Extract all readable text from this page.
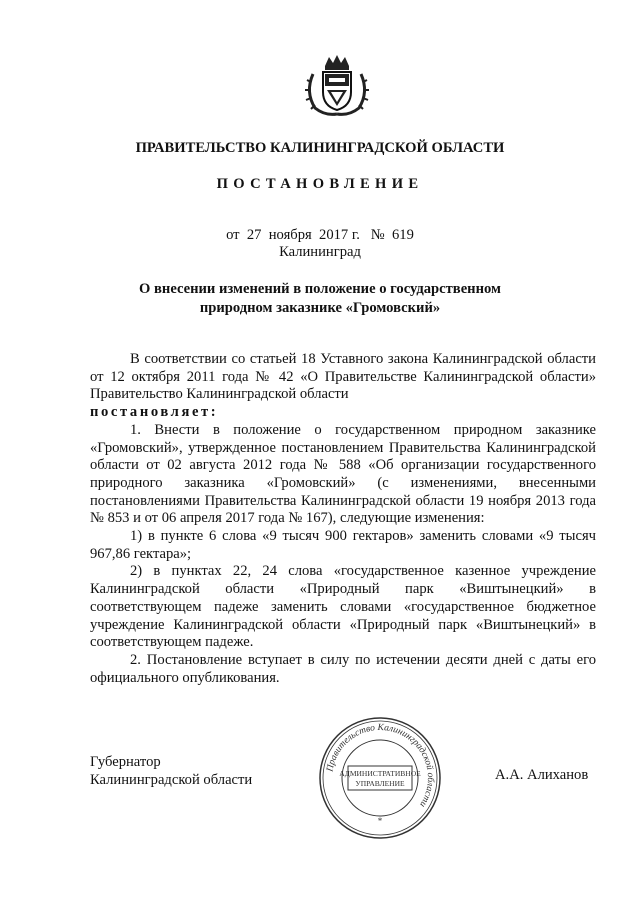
ПРАВИТЕЛЬСТВО КАЛИНИНГРАДСКОЙ ОБЛАСТИ
ПОСТАНОВЛЕНИЕ
от  27  ноября  2017 г.   №  619
Калининград
О внесении изменений в положение о государственном
природном заказнике «Громовский»

В соответствии со статьей 18 Уставного закона Калининградской области от 12 октября 2011 года № 42 «О Правительстве Калининградской области» Правительство Калининградской области

постановляет:

1. Внести в положение о государственном природном заказнике «Громовский», утвержденное постановлением Правительства Калининградской области от 02 августа 2012 года № 588 «Об организации государственного природного заказника «Громовский» (с изменениями, внесенными постановлениями Правительства Калининградской области 19 ноября 2013 года № 853 и от 06 апреля 2017 года № 167), следующие изменения:

1) в пункте 6 слова «9 тысяч 900 гектаров» заменить словами «9 тысяч 967,86 гектара»;

2) в пунктах 22, 24 слова «государственное казенное учреждение Калининградской области «Природный парк «Виштынецкий» в соответствующем падеже заменить словами «государственное бюджетное учреждение Калининградской области «Природный парк «Виштынецкий» в соответствующем падеже.

2. Постановление вступает в силу по истечении десяти дней с даты его официального опубликования.

Губернатор
Калининградской области
Правительство Калининградской области
АДМИНИСТРАТИВНОЕ
УПРАВЛЕНИЕ
*
А.А. Алиханов
